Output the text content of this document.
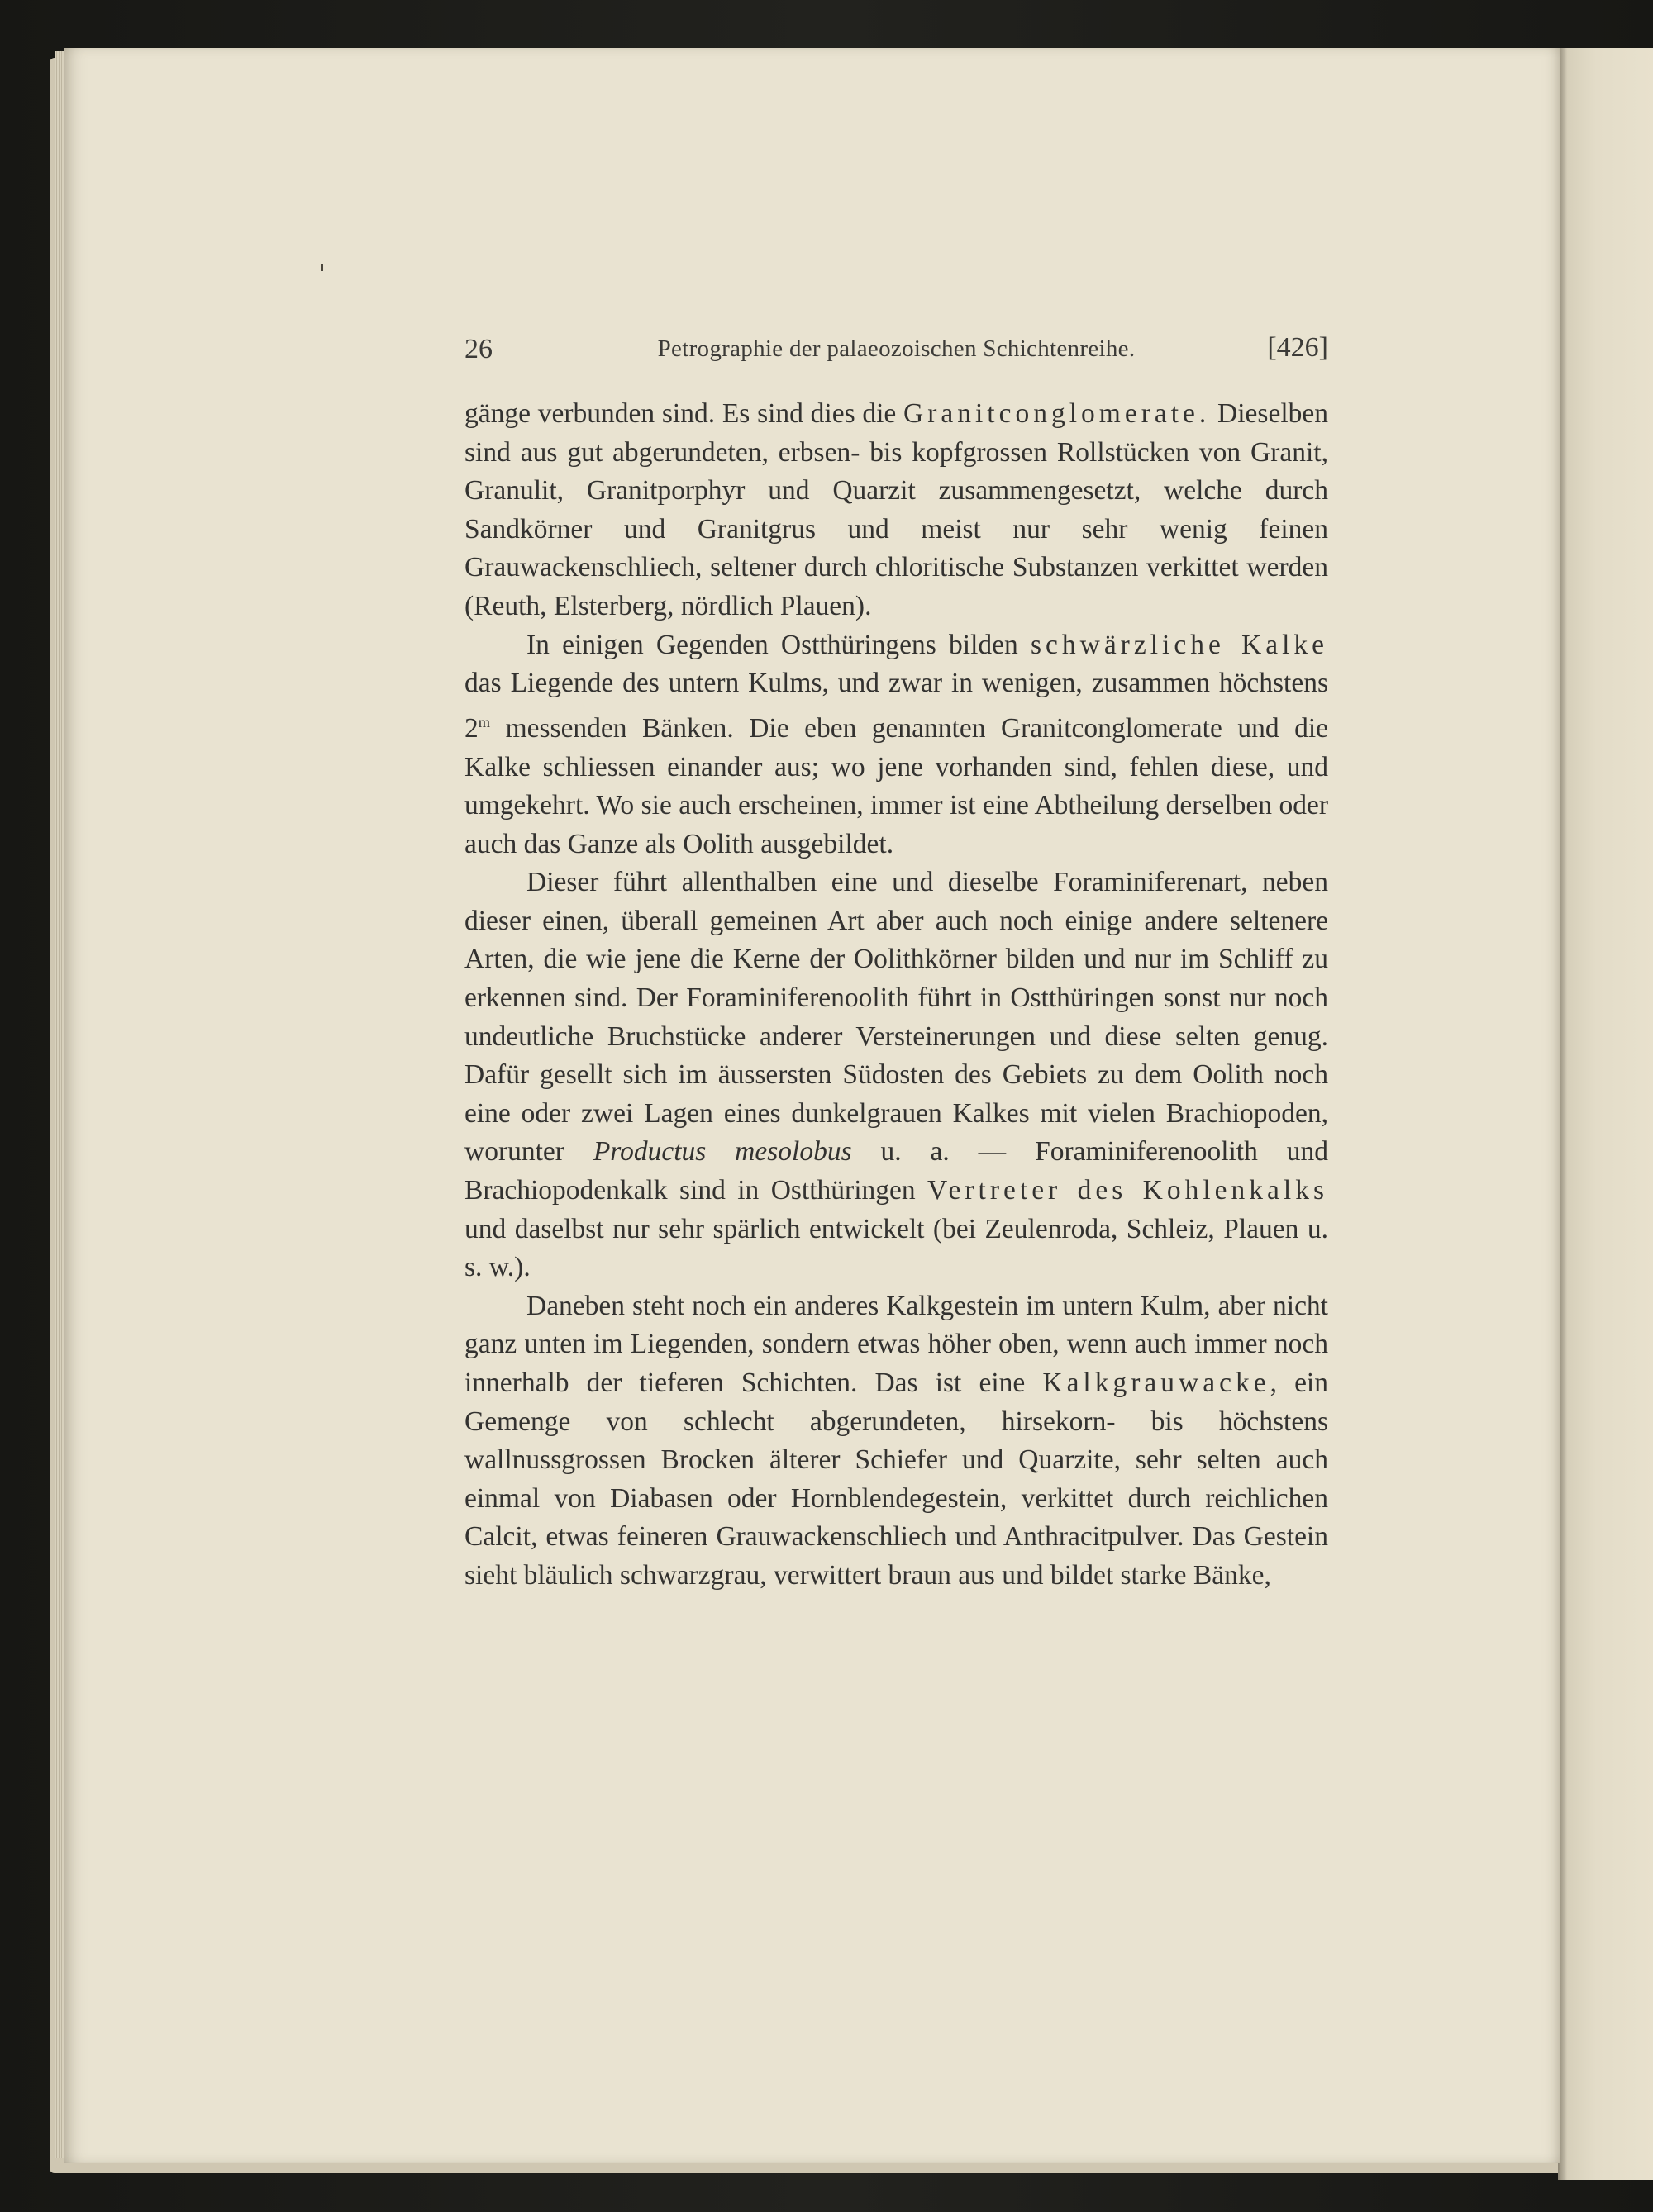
26	Petrographie der palaeozoischen Schichtenreihe.	[426]

gänge verbunden sind. Es sind dies die Granitconglomerate. Dieselben sind aus gut abgerundeten, erbsen- bis kopfgrossen Rollstücken von Granit, Granulit, Granitporphyr und Quarzit zusammengesetzt, welche durch Sandkörner und Granitgrus und meist nur sehr wenig feinen Grauwackenschliech, seltener durch chloritische Substanzen verkittet werden (Reuth, Elsterberg, nördlich Plauen).

In einigen Gegenden Ostthüringens bilden schwärzliche Kalke das Liegende des untern Kulms, und zwar in wenigen, zusammen höchstens 2$^m$ messenden Bänken. Die eben genannten Granitconglomerate und die Kalke schliessen einander aus; wo jene vorhanden sind, fehlen diese, und umgekehrt. Wo sie auch erscheinen, immer ist eine Abtheilung derselben oder auch das Ganze als Oolith ausgebildet.

Dieser führt allenthalben eine und dieselbe Foraminiferenart, neben dieser einen, überall gemeinen Art aber auch noch einige andere seltenere Arten, die wie jene die Kerne der Oolithkörner bilden und nur im Schliff zu erkennen sind. Der Foraminiferenoolith führt in Ostthüringen sonst nur noch undeutliche Bruchstücke anderer Versteinerungen und diese selten genug. Dafür gesellt sich im äussersten Südosten des Gebiets zu dem Oolith noch eine oder zwei Lagen eines dunkelgrauen Kalkes mit vielen Brachiopoden, worunter Productus mesolobus u. a. — Foraminiferenoolith und Brachiopodenkalk sind in Ostthüringen Vertreter des Kohlenkalks und daselbst nur sehr spärlich entwickelt (bei Zeulenroda, Schleiz, Plauen u. s. w.).

Daneben steht noch ein anderes Kalkgestein im untern Kulm, aber nicht ganz unten im Liegenden, sondern etwas höher oben, wenn auch immer noch innerhalb der tieferen Schichten. Das ist eine Kalkgrauwacke, ein Gemenge von schlecht abgerundeten, hirsekorn- bis höchstens wallnussgrossen Brocken älterer Schiefer und Quarzite, sehr selten auch einmal von Diabasen oder Hornblendegestein, verkittet durch reichlichen Calcit, etwas feineren Grauwackenschliech und Anthracitpulver. Das Gestein sieht bläulich schwarzgrau, verwittert braun aus und bildet starke Bänke,
